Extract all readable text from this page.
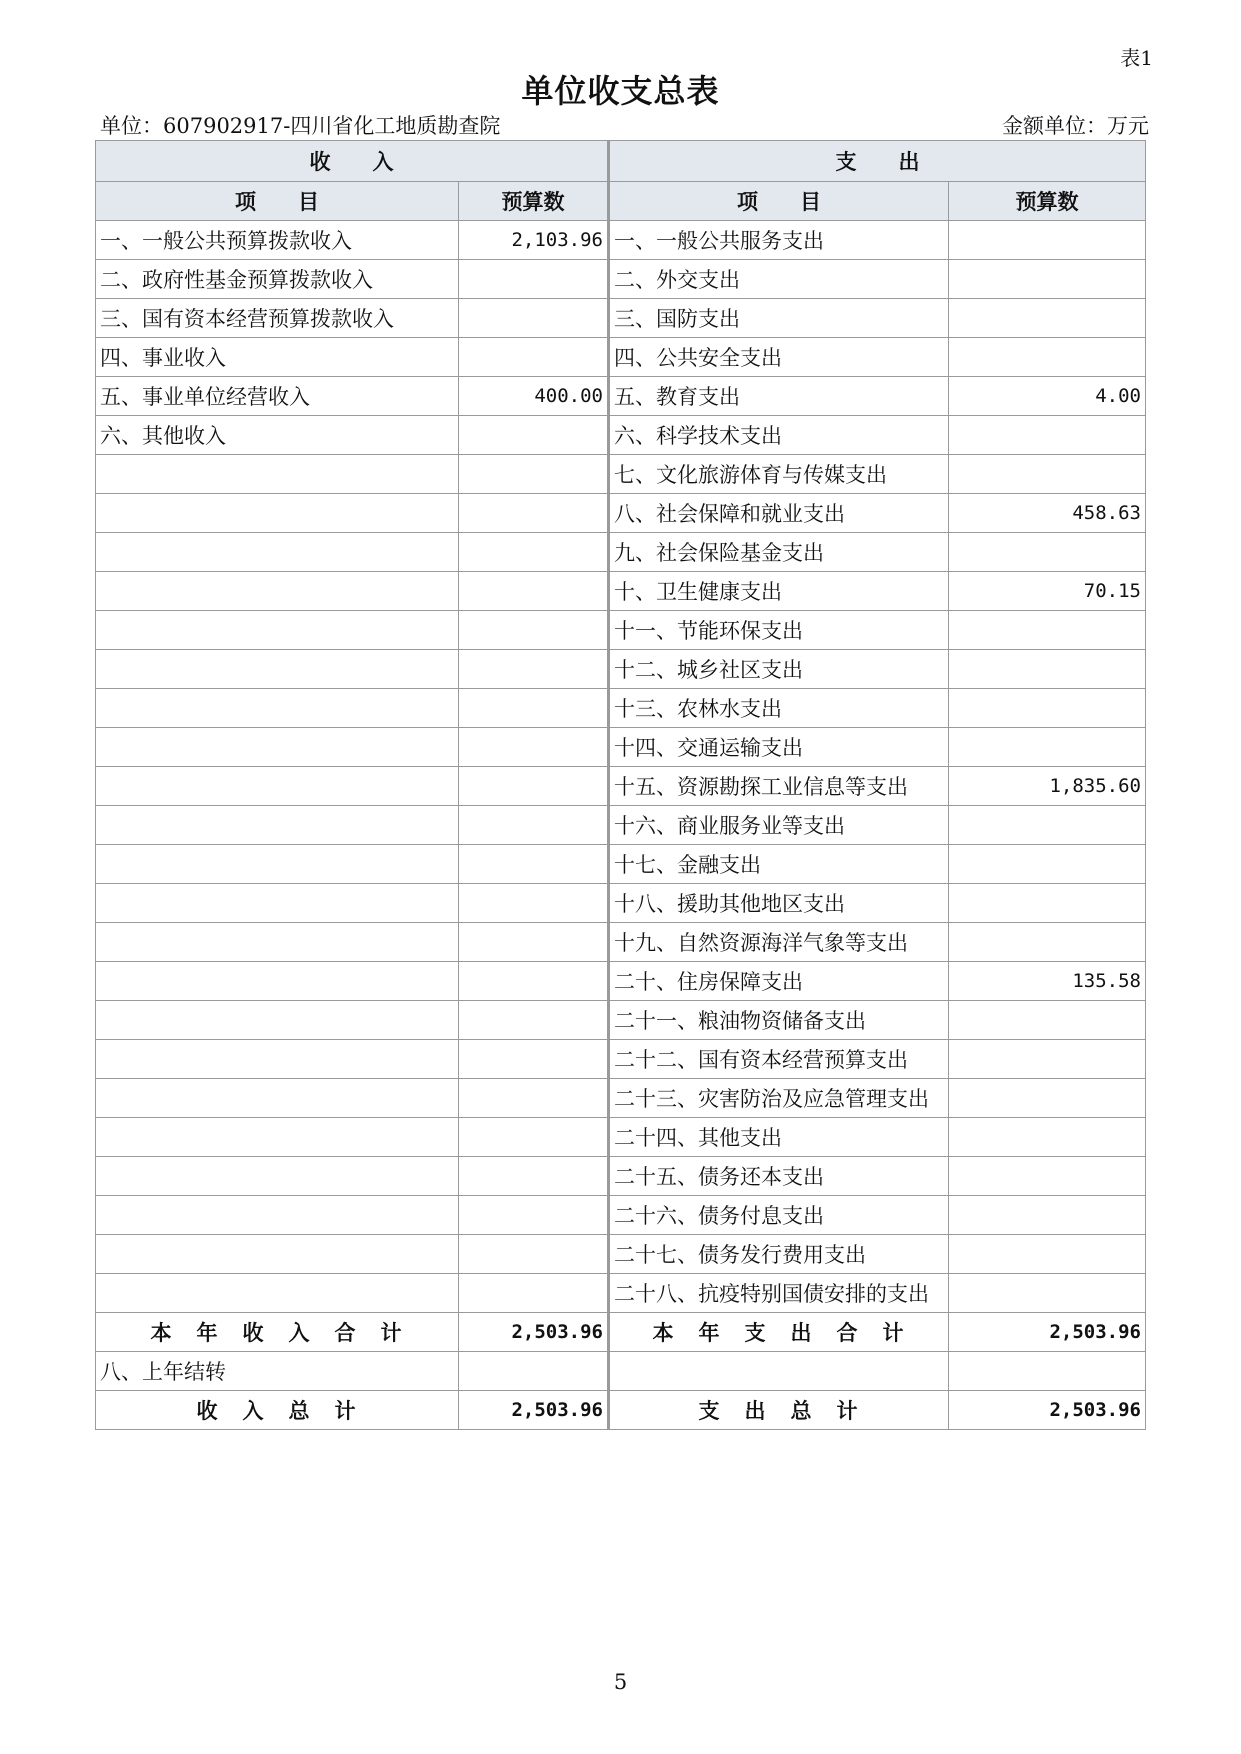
表1
单位收支总表
单位：607902917-四川省化工地质勘查院	金额单位：万元
收　　入		支　　出	
项　　目	预算数	项　　目	预算数
一、一般公共预算拨款收入	2,103.96	一、一般公共服务支出	
二、政府性基金预算拨款收入		二、外交支出	
三、国有资本经营预算拨款收入		三、国防支出	
四、事业收入		四、公共安全支出	
五、事业单位经营收入	400.00	五、教育支出	4.00
六、其他收入		六、科学技术支出	
		七、文化旅游体育与传媒支出	
		八、社会保障和就业支出	458.63
		九、社会保险基金支出	
		十、卫生健康支出	70.15
		十一、节能环保支出	
		十二、城乡社区支出	
		十三、农林水支出	
		十四、交通运输支出	
		十五、资源勘探工业信息等支出	1,835.60
		十六、商业服务业等支出	
		十七、金融支出	
		十八、援助其他地区支出	
		十九、自然资源海洋气象等支出	
		二十、住房保障支出	135.58
		二十一、粮油物资储备支出	
		二十二、国有资本经营预算支出	
		二十三、灾害防治及应急管理支出	
		二十四、其他支出	
		二十五、债务还本支出	
		二十六、债务付息支出	
		二十七、债务发行费用支出	
		二十八、抗疫特别国债安排的支出	
本　年　收　入　合　计	2,503.96	本　年　支　出　合　计	2,503.96
八、上年结转			
收　入　总　计	2,503.96	支　出　总　计	2,503.96
5
